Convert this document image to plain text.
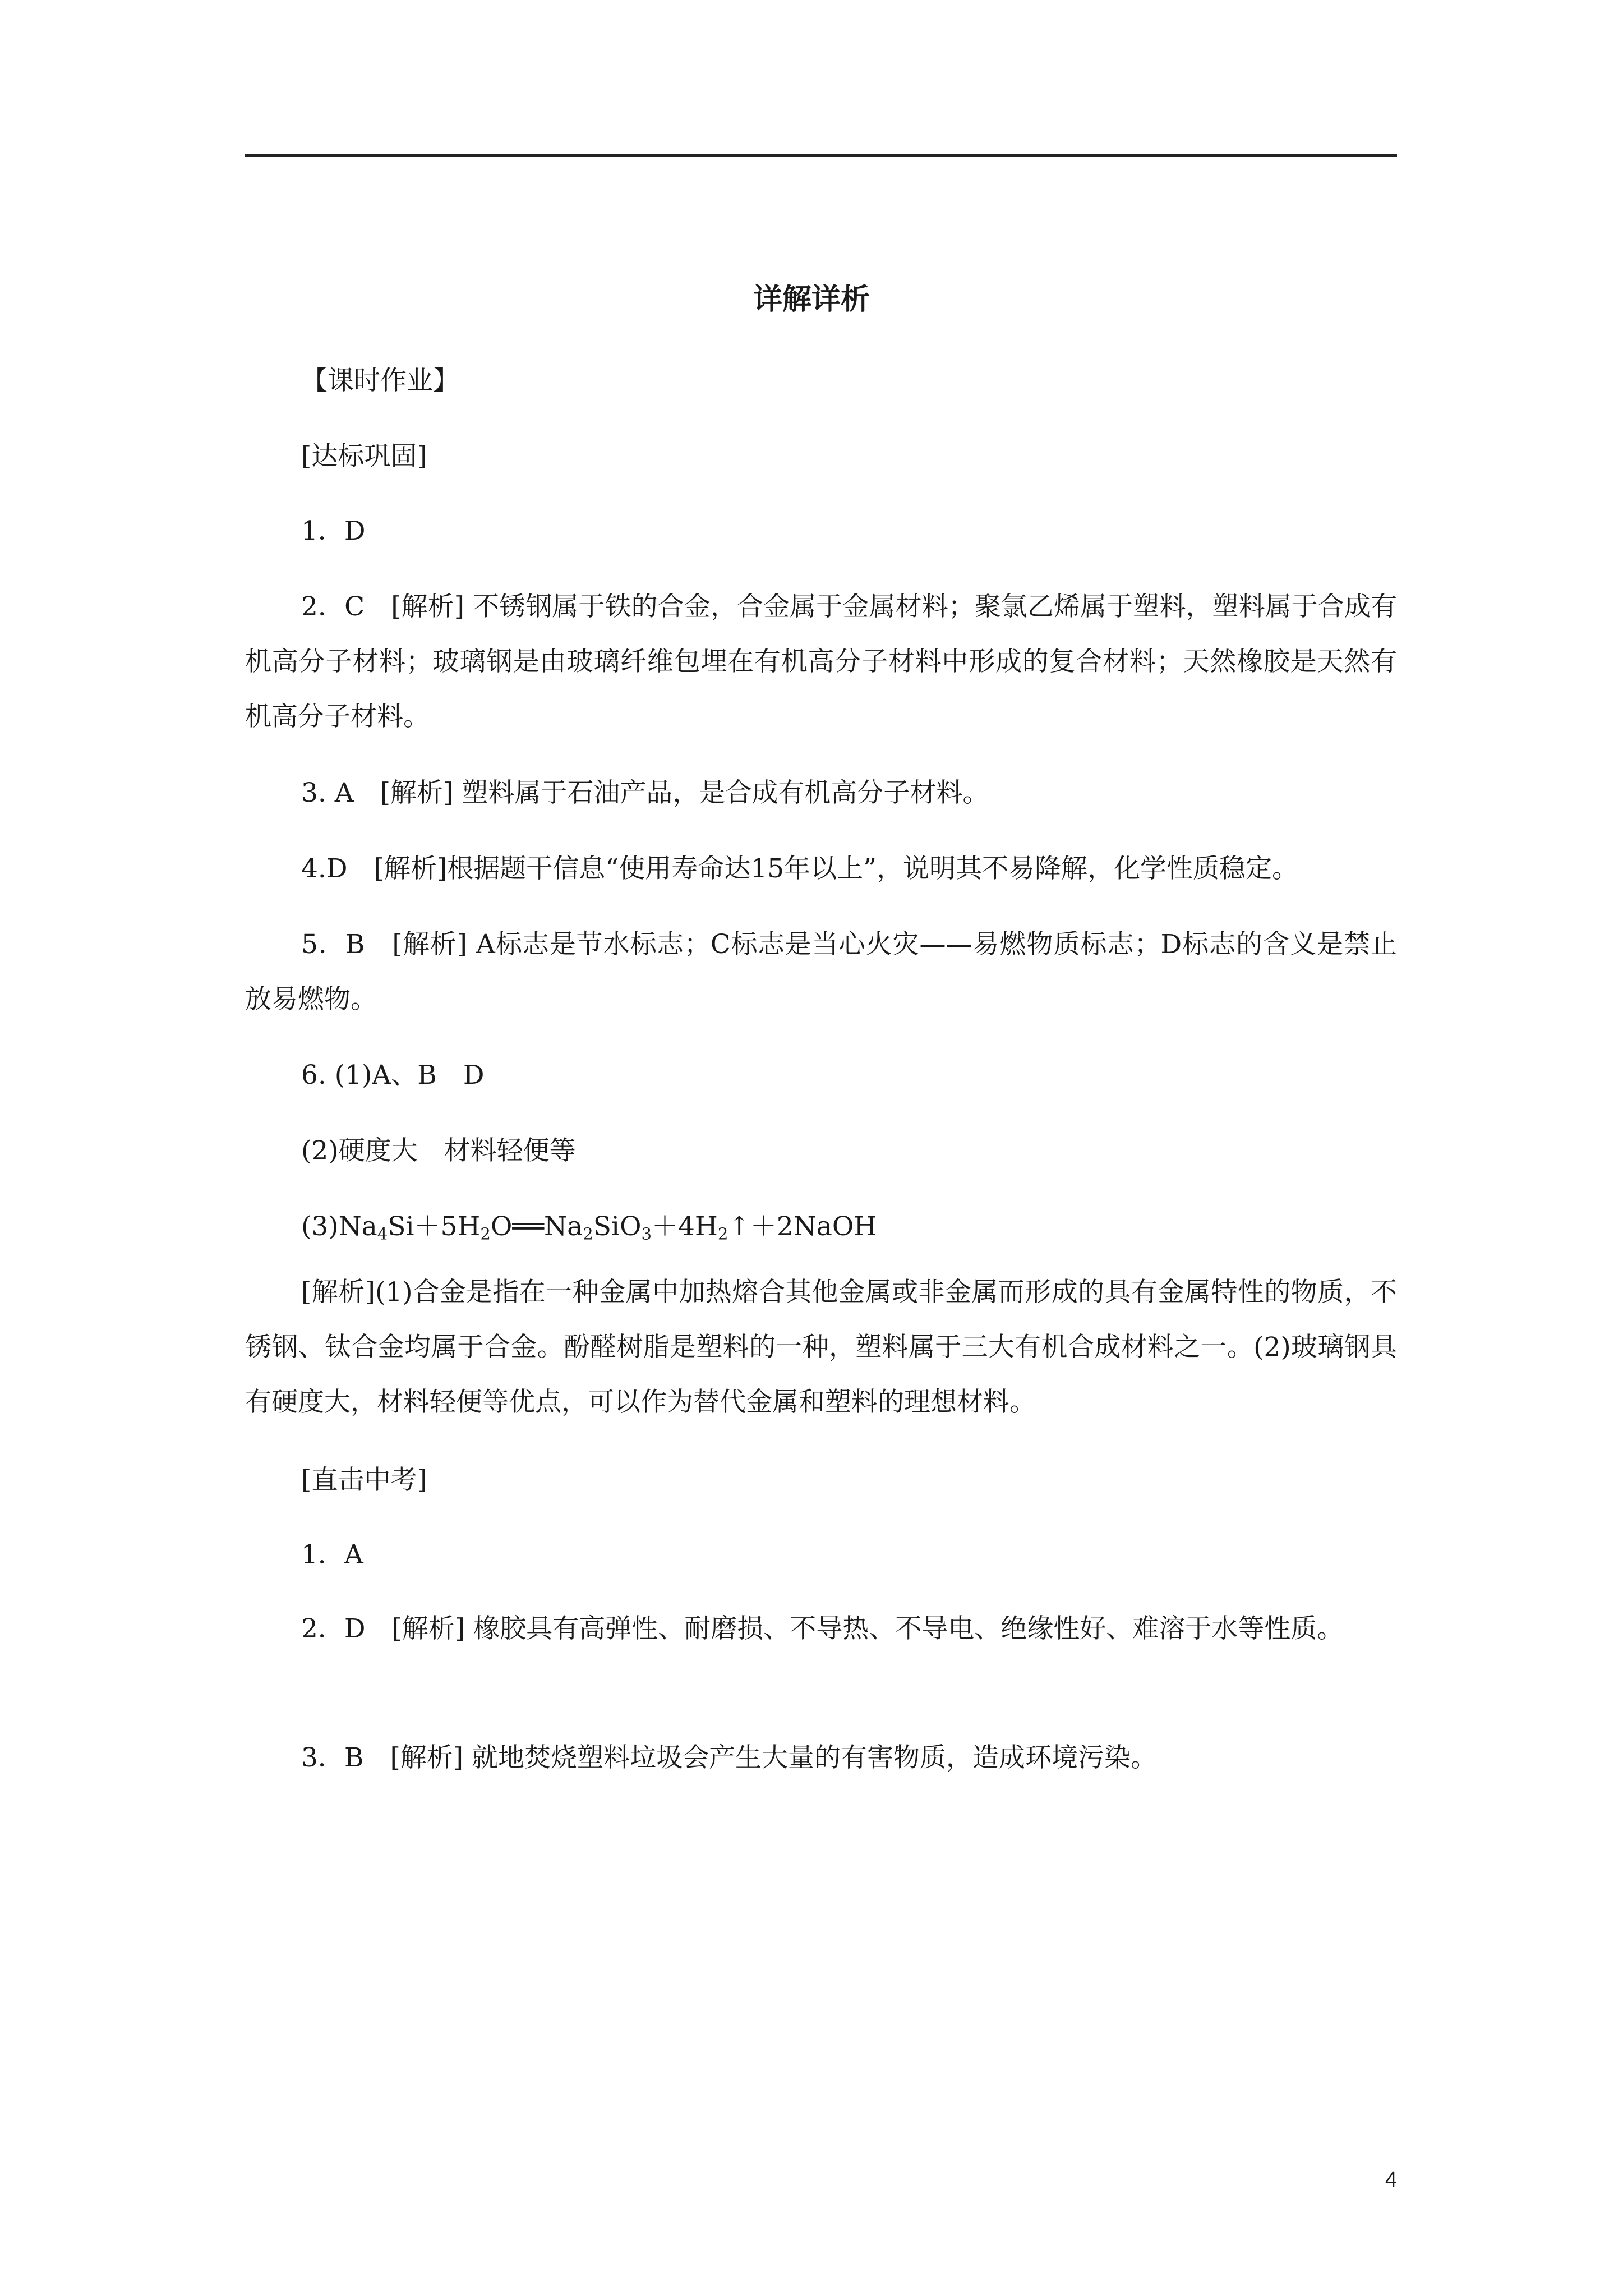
详解详析

【课时作业】

[达标巩固]

1．D

2．C　[解析] 不锈钢属于铁的合金，合金属于金属材料；聚氯乙烯属于塑料，塑料属于合成有机高分子材料；玻璃钢是由玻璃纤维包埋在有机高分子材料中形成的复合材料；天然橡胶是天然有机高分子材料。

3. A　[解析] 塑料属于石油产品，是合成有机高分子材料。

4.D　[解析]根据题干信息“使用寿命达15年以上”，说明其不易降解，化学性质稳定。

5．B　[解析] A标志是节水标志；C标志是当心火灾——易燃物质标志；D标志的含义是禁止放易燃物。

6. (1)A、B　D

(2)硬度大　材料轻便等

$(3)Na_4Si+5H_2O══Na_2SiO_3+4H_2↑+2NaOH$

[解析](1)合金是指在一种金属中加热熔合其他金属或非金属而形成的具有金属特性的物质，不锈钢、钛合金均属于合金。酚醛树脂是塑料的一种，塑料属于三大有机合成材料之一。(2)玻璃钢具有硬度大，材料轻便等优点，可以作为替代金属和塑料的理想材料。

[直击中考]

1．A

2．D　[解析] 橡胶具有高弹性、耐磨损、不导热、不导电、绝缘性好、难溶于水等性质。

3．B　[解析] 就地焚烧塑料垃圾会产生大量的有害物质，造成环境污染。

4
